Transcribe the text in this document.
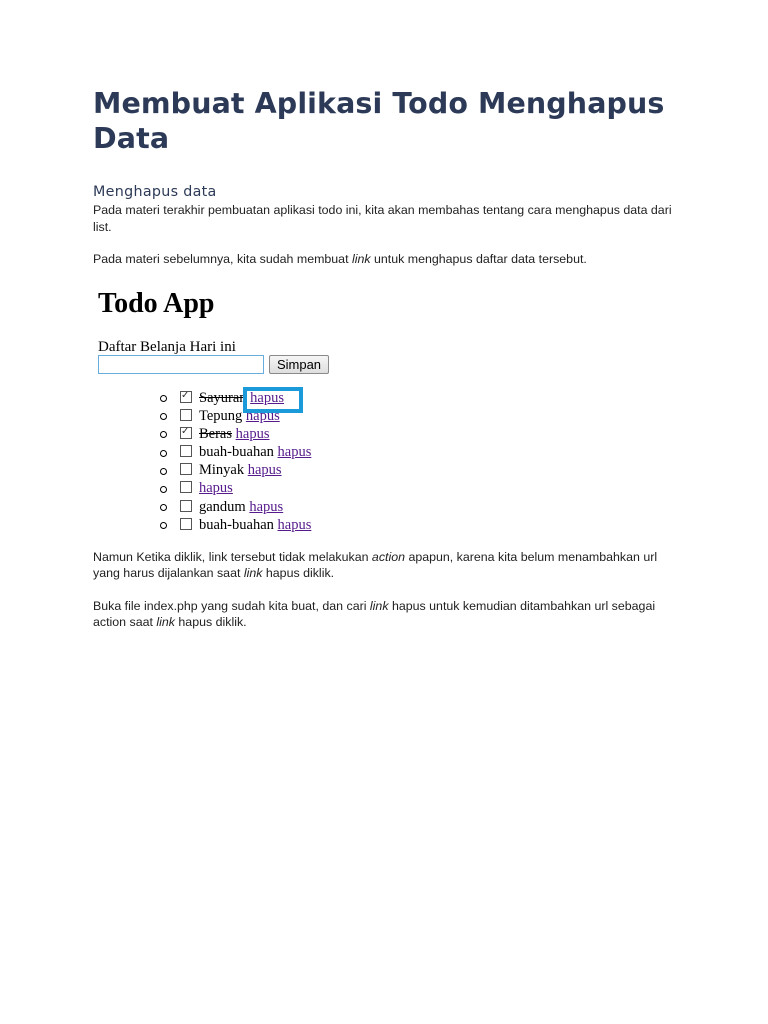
Membuat Aplikasi Todo Menghapus Data
Menghapus data

Pada materi terakhir pembuatan aplikasi todo ini, kita akan membahas tentang cara menghapus data dari list.

Pada materi sebelumnya, kita sudah membuat link untuk menghapus daftar data tersebut.

Todo App
Daftar Belanja Hari ini
Simpan
✓ Sayuran hapus
Tepung hapus
✓ Beras hapus
buah-buahan hapus
Minyak hapus
hapus
gandum hapus
buah-buahan hapus

Namun Ketika diklik, link tersebut tidak melakukan action apapun, karena kita belum menambahkan url yang harus dijalankan saat link hapus diklik.

Buka file index.php yang sudah kita buat, dan cari link hapus untuk kemudian ditambahkan url sebagai action saat link hapus diklik.
